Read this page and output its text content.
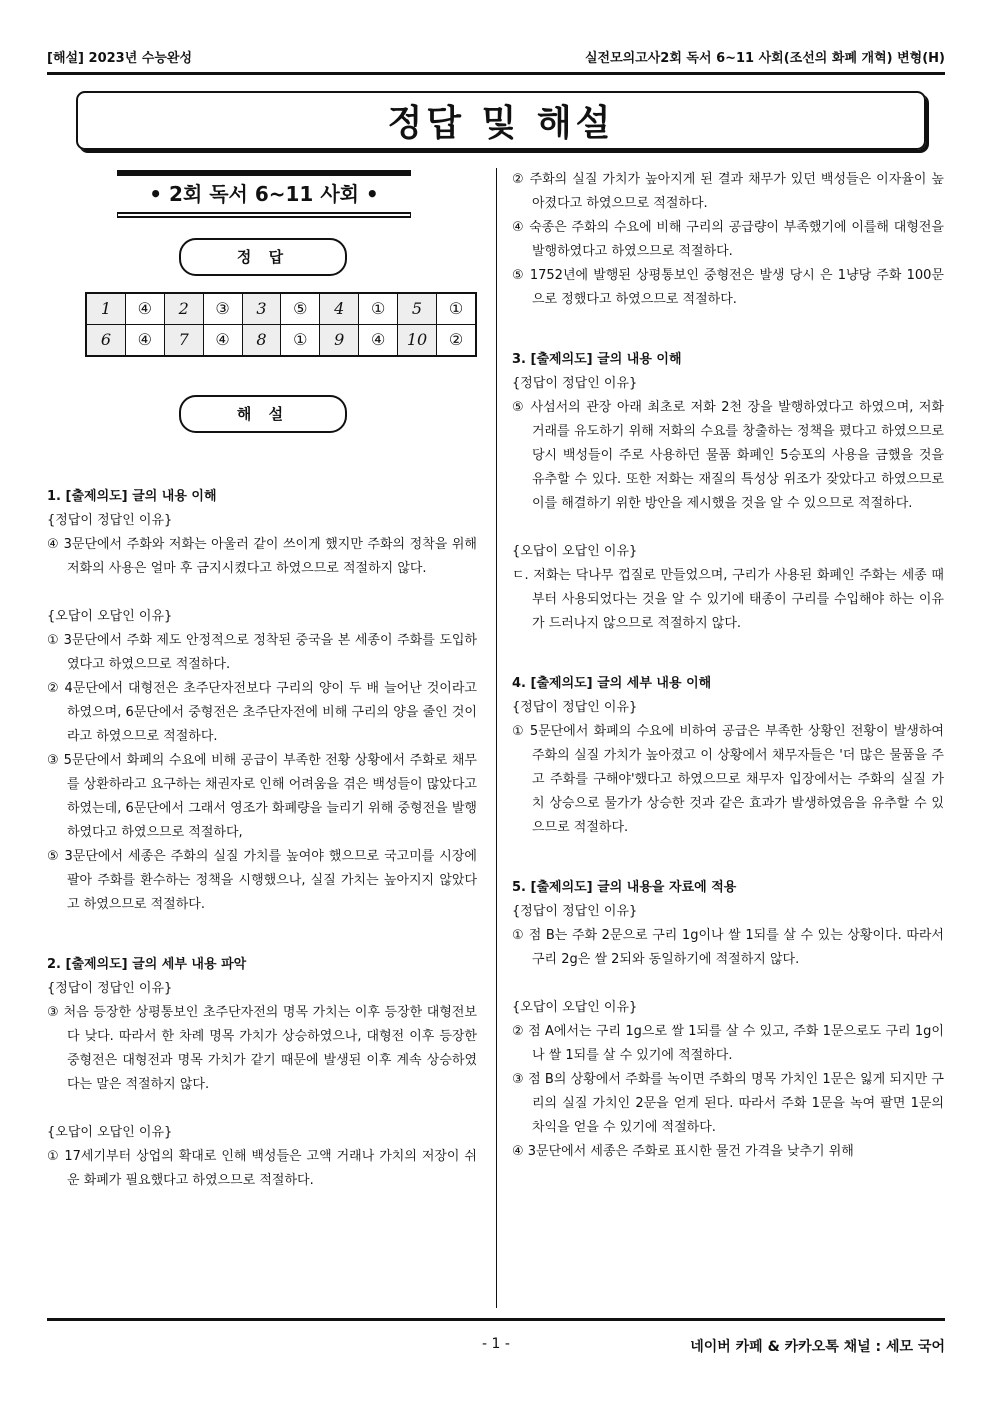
[해설] 2023년 수능완성	실전모의고사2회 독서 6~11 사회(조선의 화폐 개혁) 변형(H)
정답 및 해설
• 2회 독서 6~11 사회 •
정 답
1	④	2	③	3	⑤	4	①	5	①
6	④	7	④	8	①	9	④	10	②
해 설
1. [출제의도] 글의 내용 이해
{정답이 정답인 이유}
④ 3문단에서 주화와 저화는 아울러 같이 쓰이게 했지만 주화의 정착을 위해 저화의 사용은 얼마 후 금지시켰다고 하였으므로 적절하지 않다.
{오답이 오답인 이유}
① 3문단에서 주화 제도 안정적으로 정착된 중국을 본 세종이 주화를 도입하였다고 하였으므로 적절하다.
② 4문단에서 대형전은 초주단자전보다 구리의 양이 두 배 늘어난 것이라고 하였으며, 6문단에서 중형전은 초주단자전에 비해 구리의 양을 줄인 것이라고 하였으므로 적절하다.
③ 5문단에서 화폐의 수요에 비해 공급이 부족한 전황 상황에서 주화로 채무를 상환하라고 요구하는 채권자로 인해 어려움을 겪은 백성들이 많았다고 하였는데, 6문단에서 그래서 영조가 화폐량을 늘리기 위해 중형전을 발행하였다고 하였으므로 적절하다,
⑤ 3문단에서 세종은 주화의 실질 가치를 높여야 했으므로 국고미를 시장에 팔아 주화를 환수하는 정책을 시행했으나, 실질 가치는 높아지지 않았다고 하였으므로 적절하다.
2. [출제의도] 글의 세부 내용 파악
{정답이 정답인 이유}
③ 처음 등장한 상평통보인 초주단자전의 명목 가치는 이후 등장한 대형전보다 낮다. 따라서 한 차례 명목 가치가 상승하였으나, 대형전 이후 등장한 중형전은 대형전과 명목 가치가 같기 때문에 발생된 이후 계속 상승하였다는 말은 적절하지 않다.
{오답이 오답인 이유}
① 17세기부터 상업의 확대로 인해 백성들은 고액 거래나 가치의 저장이 쉬운 화폐가 필요했다고 하였으므로 적절하다.
② 주화의 실질 가치가 높아지게 된 결과 채무가 있던 백성들은 이자율이 높아졌다고 하였으므로 적절하다.
④ 숙종은 주화의 수요에 비해 구리의 공급량이 부족했기에 이를해 대형전을 발행하였다고 하였으므로 적절하다.
⑤ 1752년에 발행된 상평통보인 중형전은 발생 당시 은 1냥당 주화 100문으로 정했다고 하였으므로 적절하다.
3. [출제의도] 글의 내용 이해
{정답이 정답인 이유}
⑤ 사섬서의 관장 아래 최초로 저화 2천 장을 발행하였다고 하였으며, 저화 거래를 유도하기 위해 저화의 수요를 창출하는 정책을 폈다고 하였으므로 당시 백성들이 주로 사용하던 물품 화폐인 5승포의 사용을 금했을 것을 유추할 수 있다. 또한 저화는 재질의 특성상 위조가 잦았다고 하였으므로 이를 해결하기 위한 방안을 제시했을 것을 알 수 있으므로 적절하다.
{오답이 오답인 이유}
ㄷ. 저화는 닥나무 껍질로 만들었으며, 구리가 사용된 화폐인 주화는 세종 때부터 사용되었다는 것을 알 수 있기에 태종이 구리를 수입해야 하는 이유가 드러나지 않으므로 적절하지 않다.
4. [출제의도] 글의 세부 내용 이해
{정답이 정답인 이유}
① 5문단에서 화폐의 수요에 비하여 공급은 부족한 상황인 전황이 발생하여 주화의 실질 가치가 높아졌고 이 상황에서 채무자들은 '더 많은 물품을 주고 주화를 구해야'했다고 하였으므로 채무자 입장에서는 주화의 실질 가치 상승으로 물가가 상승한 것과 같은 효과가 발생하였음을 유추할 수 있으므로 적절하다.
5. [출제의도] 글의 내용을 자료에 적용
{정답이 정답인 이유}
① 점 B는 주화 2문으로 구리 1g이나 쌀 1되를 살 수 있는 상황이다. 따라서 구리 2g은 쌀 2되와 동일하기에 적절하지 않다.
{오답이 오답인 이유}
② 점 A에서는 구리 1g으로 쌀 1되를 살 수 있고, 주화 1문으로도 구리 1g이나 쌀 1되를 살 수 있기에 적절하다.
③ 점 B의 상황에서 주화를 녹이면 주화의 명목 가치인 1문은 잃게 되지만 구리의 실질 가치인 2문을 얻게 된다. 따라서 주화 1문을 녹여 팔면 1문의 차익을 얻을 수 있기에 적절하다.
④ 3문단에서 세종은 주화로 표시한 물건 가격을 낮추기 위해
- 1 -	네이버 카페 & 카카오톡 채널 : 세모 국어
